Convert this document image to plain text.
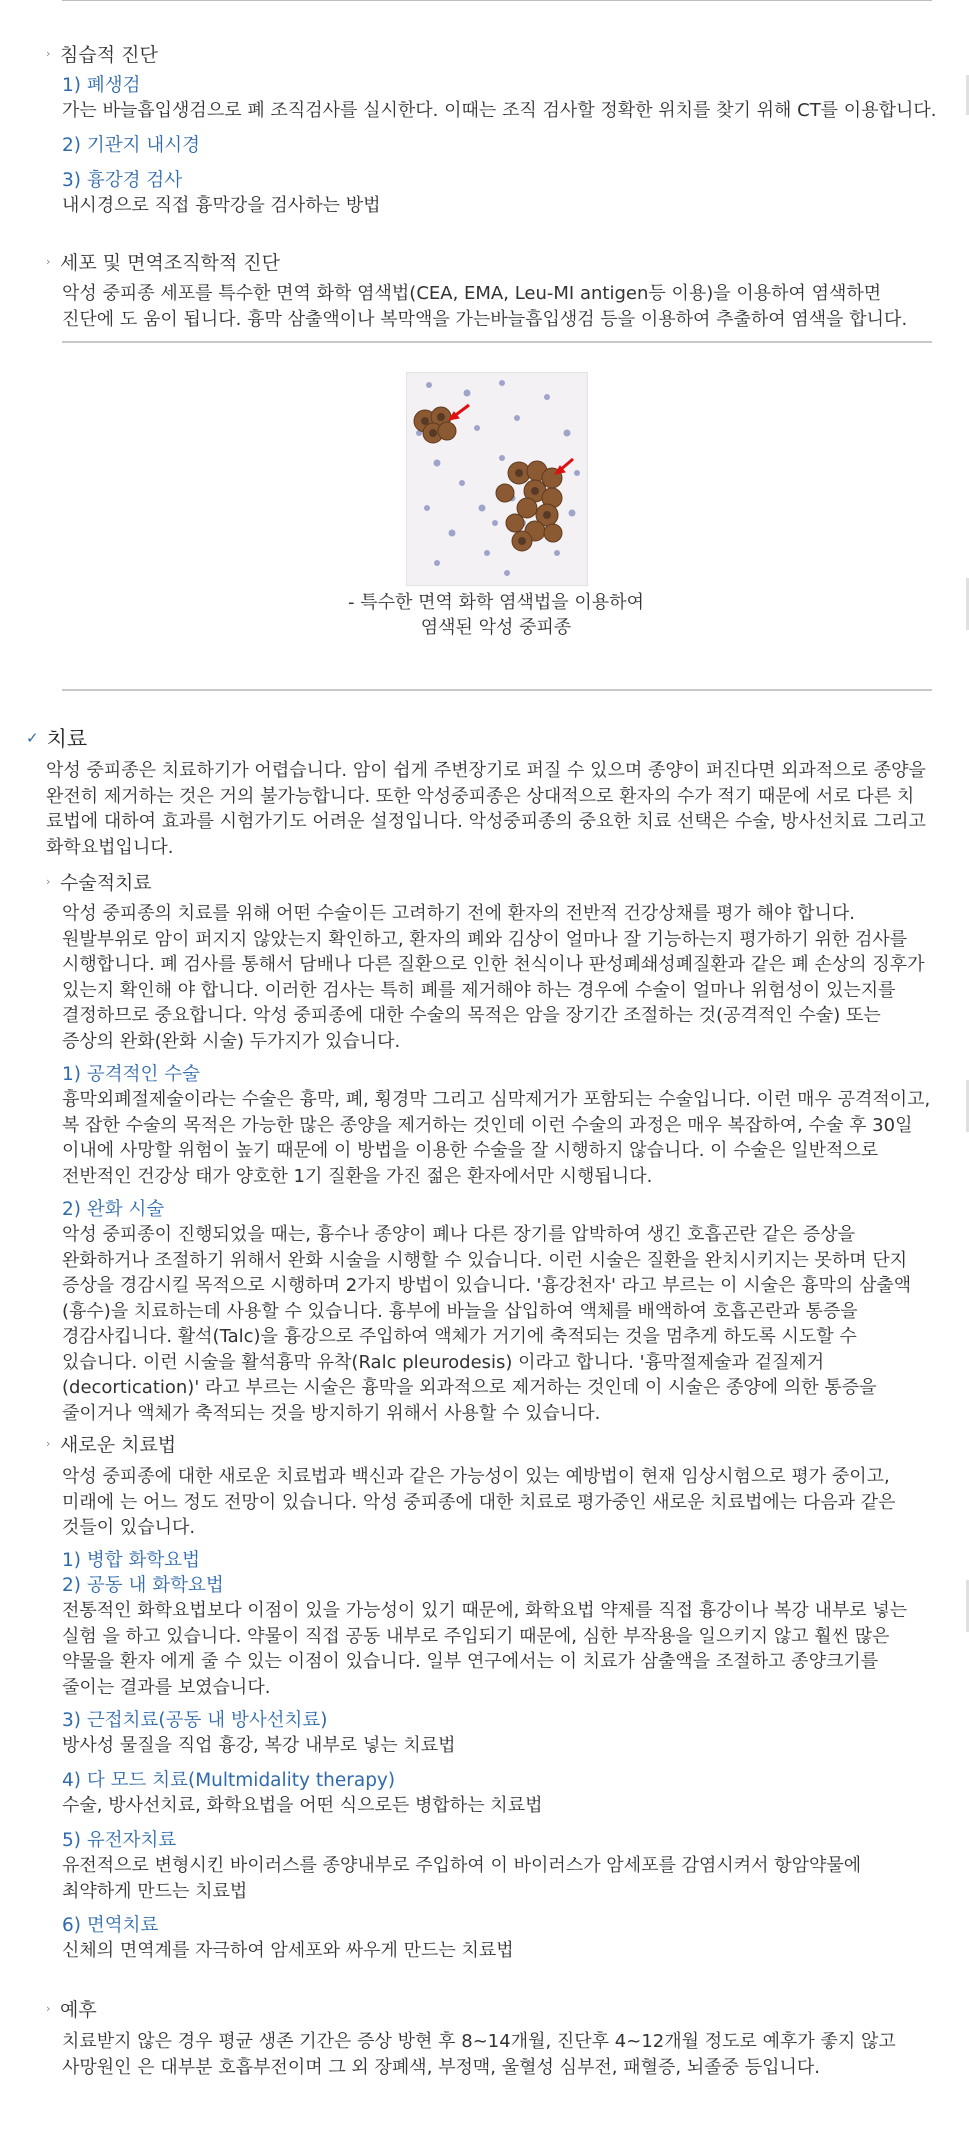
› 침습적 진단
1) 폐생검

가는 바늘흡입생검으로 폐 조직검사를 실시한다. 이때는 조직 검사할 정확한 위치를 찾기 위해 CT를 이용합니다.

2) 기관지 내시경
3) 흉강경 검사

내시경으로 직접 흉막강을 검사하는 방법

› 세포 및 면역조직학적 진단

악성 중피종 세포를 특수한 면역 화학 염색법(CEA, EMA, Leu-MI antigen등 이용)을 이용하여 염색하면 진단에 도 움이 됩니다. 흉막 삼출액이나 복막액을 가는바늘흡입생검 등을 이용하여 추출하여 염색을 합니다.

- 특수한 면역 화학 염색법을 이용하여
염색된 악성 중피종
✓ 치료

악성 중피종은 치료하기가 어렵습니다. 암이 쉽게 주변장기로 퍼질 수 있으며 종양이 퍼진다면 외과적으로 종양을 완전히 제거하는 것은 거의 불가능합니다. 또한 악성중피종은 상대적으로 환자의 수가 적기 때문에 서로 다른 치 료법에 대하여 효과를 시험가기도 어려운 설정입니다. 악성중피종의 중요한 치료 선택은 수술, 방사선치료 그리고 화학요법입니다.

› 수술적치료

악성 중피종의 치료를 위해 어떤 수술이든 고려하기 전에 환자의 전반적 건강상채를 평가 해야 합니다. 원발부위로 암이 퍼지지 않았는지 확인하고, 환자의 폐와 김상이 얼마나 잘 기능하는지 평가하기 위한 검사를 시행합니다. 폐 검사를 통해서 담배나 다른 질환으로 인한 천식이나 판성폐쇄성폐질환과 같은 폐 손상의 징후가 있는지 확인해 야 합니다. 이러한 검사는 특히 폐를 제거해야 하는 경우에 수술이 얼마나 위험성이 있는지를 결정하므로 중요합니다. 악성 중피종에 대한 수술의 목적은 암을 장기간 조절하는 것(공격적인 수술) 또는 증상의 완화(완화 시술) 두가지가 있습니다.

1) 공격적인 수술

흉막외폐절제술이라는 수술은 흉막, 폐, 횡경막 그리고 심막제거가 포함되는 수술입니다. 이런 매우 공격적이고, 복 잡한 수술의 목적은 가능한 많은 종양을 제거하는 것인데 이런 수술의 과정은 매우 복잡하여, 수술 후 30일 이내에 사망할 위험이 높기 때문에 이 방법을 이용한 수술을 잘 시행하지 않습니다. 이 수술은 일반적으로 전반적인 건강상 태가 양호한 1기 질환을 가진 젊은 환자에서만 시행됩니다.

2) 완화 시술

악성 중피종이 진행되었을 때는, 흉수나 종양이 폐나 다른 장기를 압박하여 생긴 호흡곤란 같은 증상을 완화하거나 조절하기 위해서 완화 시술을 시행할 수 있습니다. 이런 시술은 질환을 완치시키지는 못하며 단지 증상을 경감시킬 목적으로 시행하며 2가지 방법이 있습니다. '흉강천자' 라고 부르는 이 시술은 흉막의 삼출액(흉수)을 치료하는데 사용할 수 있습니다. 흉부에 바늘을 삽입하여 액체를 배액하여 호흡곤란과 통증을 경감사킵니다. 활석(Talc)을 흉강으로 주입하여 액체가 거기에 축적되는 것을 멈추게 하도록 시도할 수 있습니다. 이런 시술을 활석흉막 유착(Ralc pleurodesis) 이라고 합니다. '흉막절제술과 겉질제거(decortication)' 라고 부르는 시술은 흉막을 외과적으로 제거하는 것인데 이 시술은 종양에 의한 통증을 줄이거나 액체가 축적되는 것을 방지하기 위해서 사용할 수 있습니다.

› 새로운 치료법

악성 중피종에 대한 새로운 치료법과 백신과 같은 가능성이 있는 예방법이 현재 임상시험으로 평가 중이고, 미래에 는 어느 정도 전망이 있습니다. 악성 중피종에 대한 치료로 평가중인 새로운 치료법에는 다음과 같은 것들이 있습니다.

1) 병합 화학요법
2) 공동 내 화학요법

전통적인 화학요법보다 이점이 있을 가능성이 있기 때문에, 화학요법 약제를 직접 흉강이나 복강 내부로 넣는 실험 을 하고 있습니다. 약물이 직접 공동 내부로 주입되기 때문에, 심한 부작용을 일으키지 않고 훨씬 많은 약물을 환자 에게 줄 수 있는 이점이 있습니다. 일부 연구에서는 이 치료가 삼출액을 조절하고 종양크기를 줄이는 결과를 보였습니다.

3) 근접치료(공동 내 방사선치료)

방사성 물질을 직업 흉강, 복강 내부로 넣는 치료법

4) 다 모드 치료(Multmidality therapy)

수술, 방사선치료, 화학요법을 어떤 식으로든 병합하는 치료법

5) 유전자치료

유전적으로 변형시킨 바이러스를 종양내부로 주입하여 이 바이러스가 암세포를 감염시켜서 항암약물에 최약하게 만드는 치료법

6) 면역치료

신체의 면역계를 자극하여 암세포와 싸우게 만드는 치료법

› 예후

치료받지 않은 경우 평균 생존 기간은 증상 방현 후 8~14개월, 진단후 4~12개월 정도로 예후가 좋지 않고 사망원인 은 대부분 호흡부전이며 그 외 장폐색, 부정맥, 울혈성 심부전, 패혈증, 뇌졸중 등입니다.
